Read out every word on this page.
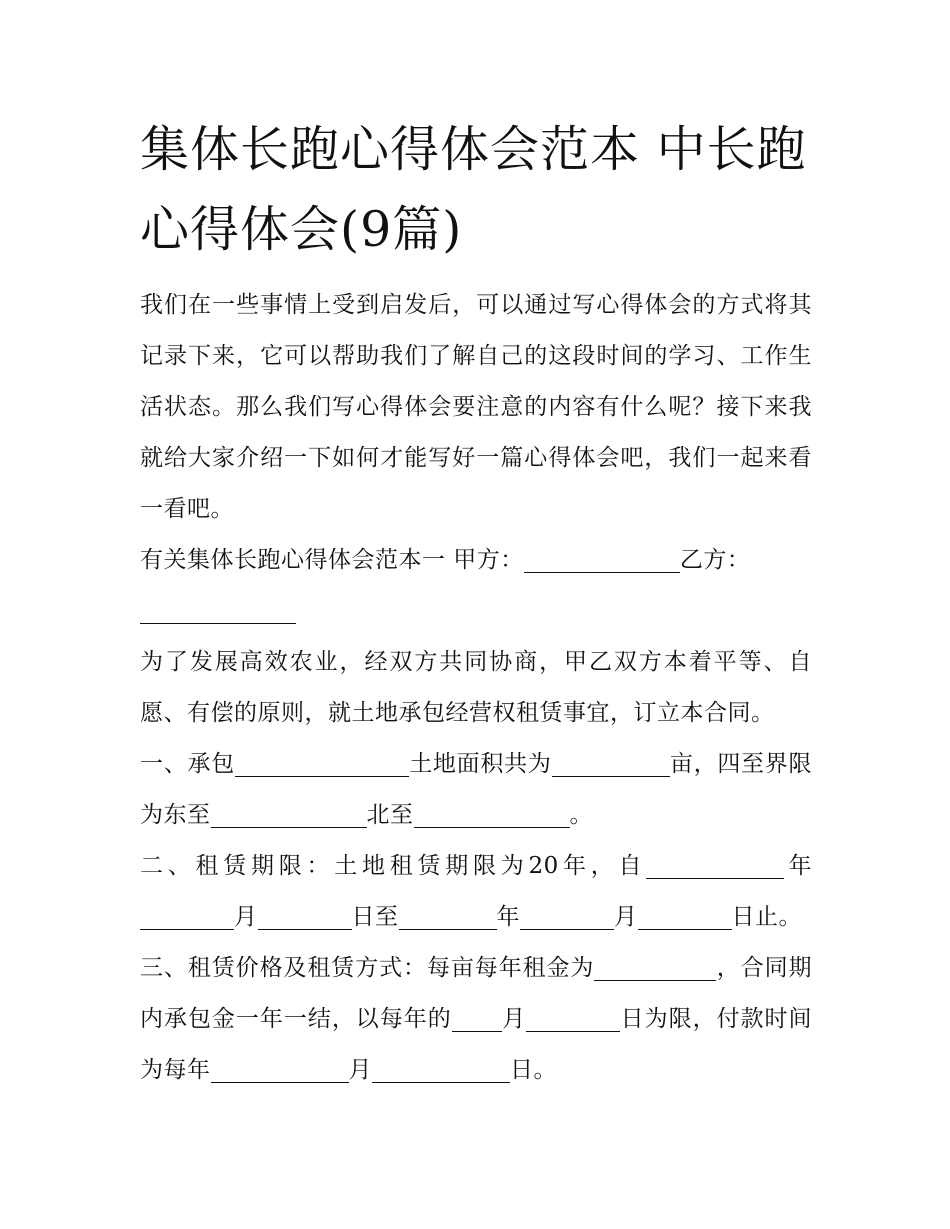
集体长跑心得体会范本 中长跑心得体会(9篇)

我们在一些事情上受到启发后，可以通过写心得体会的方式将其记录下来，它可以帮助我们了解自己的这段时间的学习、工作生活状态。那么我们写心得体会要注意的内容有什么呢？接下来我就给大家介绍一下如何才能写好一篇心得体会吧，我们一起来看一看吧。

有关集体长跑心得体会范本一 甲方：	乙方：

为了发展高效农业，经双方共同协商，甲乙双方本着平等、自愿、有偿的原则，就土地承包经营权租赁事宜，订立本合同。

一、承包	土地面积共为	亩，四至界限为东至	北至	。

二、租赁期限：土地租赁期限为20年，自	年月	日至	年	月	日止。

三、租赁价格及租赁方式：每亩每年租金为	，合同期内承包金一年一结，以每年的 月	日为限，付款时间为每年	月	日。
